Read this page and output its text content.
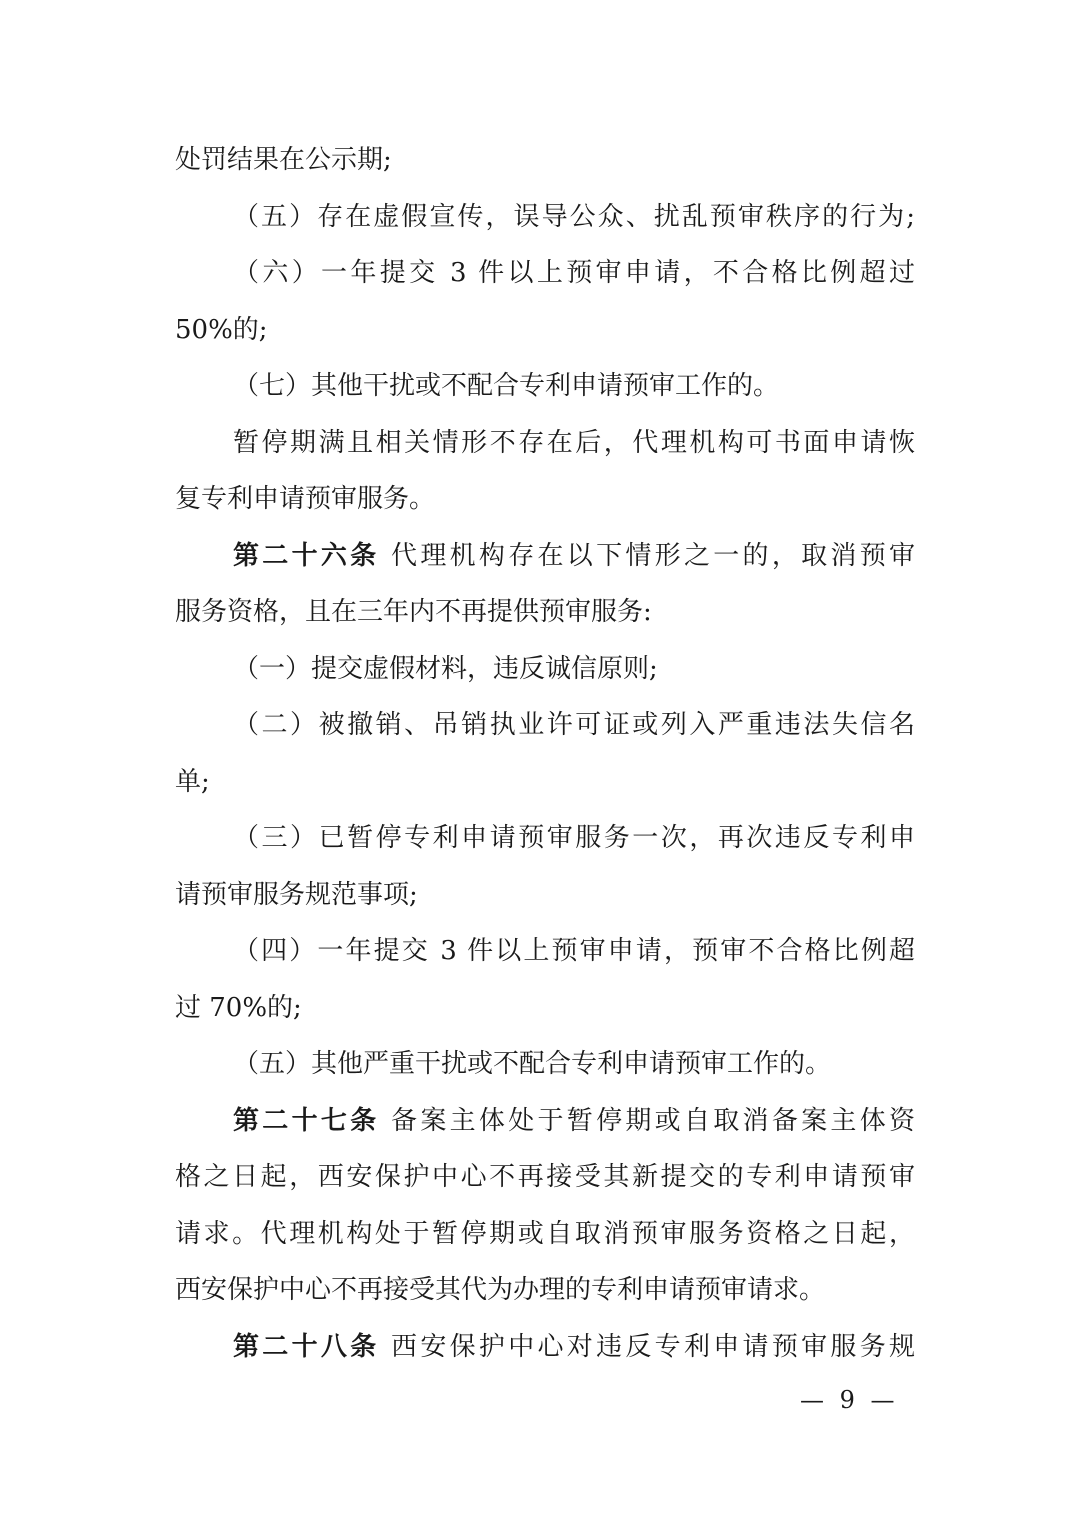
处罚结果在公示期;
（五）存在虚假宣传，误导公众、扰乱预审秩序的行为;
（六）一年提交 3 件以上预审申请，不合格比例超过
50%的;
（七）其他干扰或不配合专利申请预审工作的。
暂停期满且相关情形不存在后，代理机构可书面申请恢
复专利申请预审服务。
第二十六条 代理机构存在以下情形之一的，取消预审
服务资格，且在三年内不再提供预审服务:
（一）提交虚假材料，违反诚信原则;
（二）被撤销、吊销执业许可证或列入严重违法失信名
单;
（三）已暂停专利申请预审服务一次，再次违反专利申
请预审服务规范事项;
（四）一年提交 3 件以上预审申请，预审不合格比例超
过 70%的;
（五）其他严重干扰或不配合专利申请预审工作的。
第二十七条 备案主体处于暂停期或自取消备案主体资
格之日起，西安保护中心不再接受其新提交的专利申请预审
请求。代理机构处于暂停期或自取消预审服务资格之日起，
西安保护中心不再接受其代为办理的专利申请预审请求。
第二十八条 西安保护中心对违反专利申请预审服务规
— 9 —
